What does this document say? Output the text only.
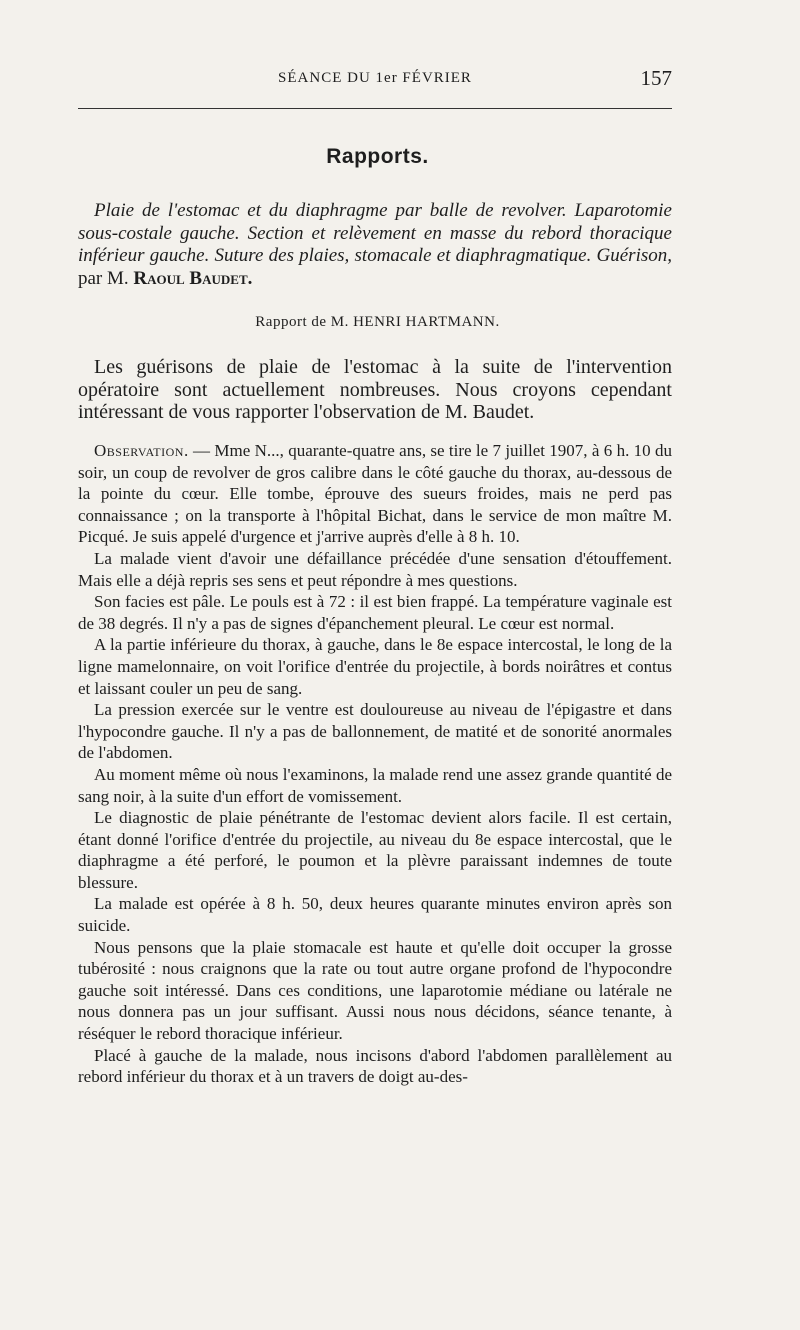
SÉANCE DU 1er FÉVRIER	157
Rapports.
Plaie de l'estomac et du diaphragme par balle de revolver. Laparotomie sous-costale gauche. Section et relèvement en masse du rebord thoracique inférieur gauche. Suture des plaies, stomacale et diaphragmatique. Guérison, par M. Raoul Baudet.
Rapport de M. HENRI HARTMANN.

Les guérisons de plaie de l'estomac à la suite de l'intervention opératoire sont actuellement nombreuses. Nous croyons cependant intéressant de vous rapporter l'observation de M. Baudet.

Observation. — Mme N..., quarante-quatre ans, se tire le 7 juillet 1907, à 6 h. 10 du soir, un coup de revolver de gros calibre dans le côté gauche du thorax, au-dessous de la pointe du cœur. Elle tombe, éprouve des sueurs froides, mais ne perd pas connaissance ; on la transporte à l'hôpital Bichat, dans le service de mon maître M. Picqué. Je suis appelé d'urgence et j'arrive auprès d'elle à 8 h. 10.

La malade vient d'avoir une défaillance précédée d'une sensation d'étouffement. Mais elle a déjà repris ses sens et peut répondre à mes questions.

Son facies est pâle. Le pouls est à 72 : il est bien frappé. La température vaginale est de 38 degrés. Il n'y a pas de signes d'épanchement pleural. Le cœur est normal.

A la partie inférieure du thorax, à gauche, dans le 8e espace intercostal, le long de la ligne mamelonnaire, on voit l'orifice d'entrée du projectile, à bords noirâtres et contus et laissant couler un peu de sang.

La pression exercée sur le ventre est douloureuse au niveau de l'épigastre et dans l'hypocondre gauche. Il n'y a pas de ballonnement, de matité et de sonorité anormales de l'abdomen.

Au moment même où nous l'examinons, la malade rend une assez grande quantité de sang noir, à la suite d'un effort de vomissement.

Le diagnostic de plaie pénétrante de l'estomac devient alors facile. Il est certain, étant donné l'orifice d'entrée du projectile, au niveau du 8e espace intercostal, que le diaphragme a été perforé, le poumon et la plèvre paraissant indemnes de toute blessure.

La malade est opérée à 8 h. 50, deux heures quarante minutes environ après son suicide.

Nous pensons que la plaie stomacale est haute et qu'elle doit occuper la grosse tubérosité : nous craignons que la rate ou tout autre organe profond de l'hypocondre gauche soit intéressé. Dans ces conditions, une laparotomie médiane ou latérale ne nous donnera pas un jour suffisant. Aussi nous nous décidons, séance tenante, à réséquer le rebord thoracique inférieur.

Placé à gauche de la malade, nous incisons d'abord l'abdomen parallèlement au rebord inférieur du thorax et à un travers de doigt au-des-
